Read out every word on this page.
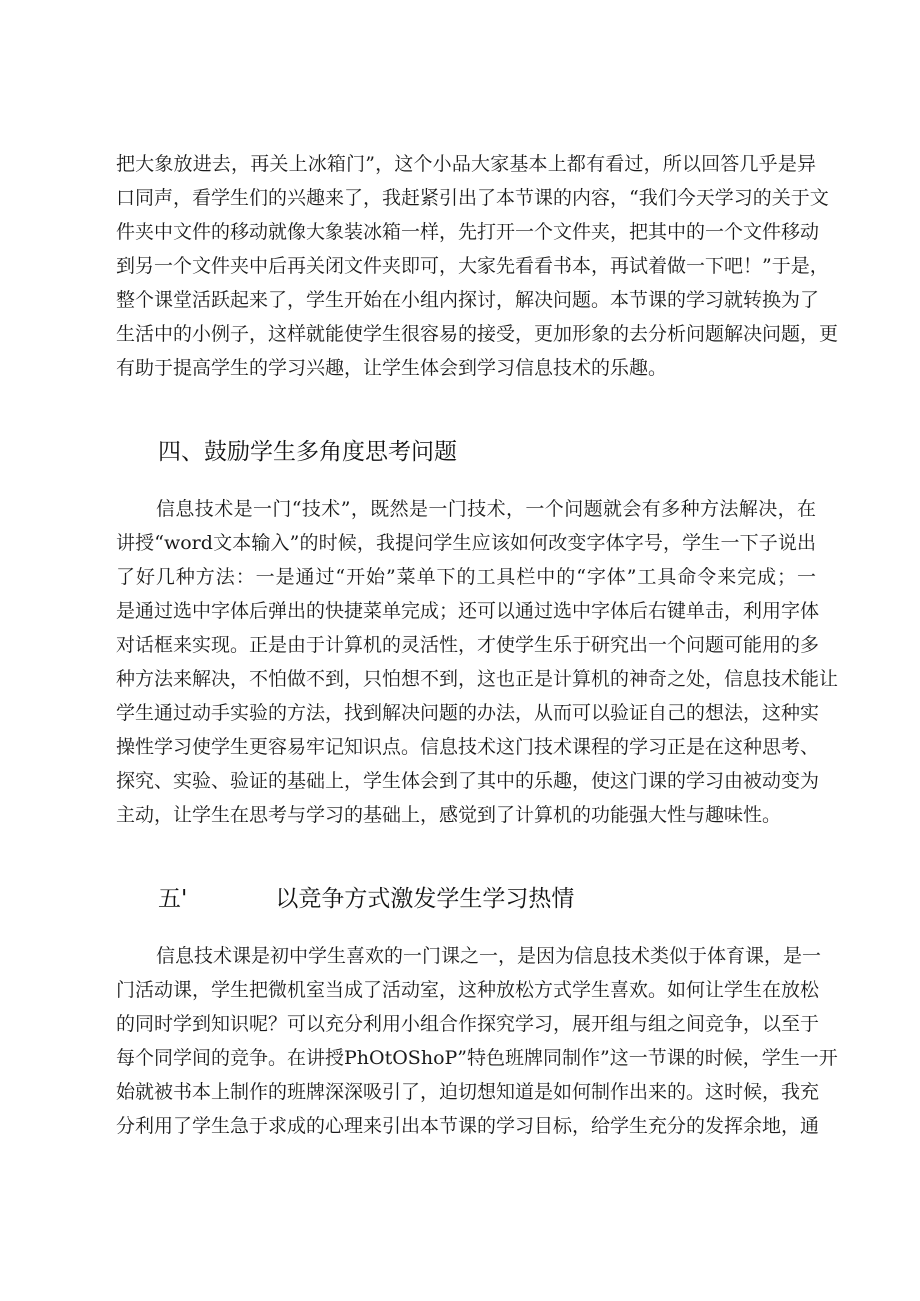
把大象放进去，再关上冰箱门”，这个小品大家基本上都有看过，所以回答几乎是异
口同声，看学生们的兴趣来了，我赶紧引出了本节课的内容，“我们今天学习的关于文
件夹中文件的移动就像大象装冰箱一样，先打开一个文件夹，把其中的一个文件移动
到另一个文件夹中后再关闭文件夹即可，大家先看看书本，再试着做一下吧！”于是，
整个课堂活跃起来了，学生开始在小组内探讨，解决问题。本节课的学习就转换为了
生活中的小例子，这样就能使学生很容易的接受，更加形象的去分析问题解决问题，更
有助于提高学生的学习兴趣，让学生体会到学习信息技术的乐趣。
四、鼓励学生多角度思考问题
信息技术是一门“技术”，既然是一门技术，一个问题就会有多种方法解决，在
讲授“word文本输入”的时候，我提问学生应该如何改变字体字号，学生一下子说出
了好几种方法：一是通过“开始”菜单下的工具栏中的“字体”工具命令来完成；一
是通过选中字体后弹出的快捷菜单完成；还可以通过选中字体后右键单击，利用字体
对话框来实现。正是由于计算机的灵活性，才使学生乐于研究出一个问题可能用的多
种方法来解决，不怕做不到，只怕想不到，这也正是计算机的神奇之处，信息技术能让
学生通过动手实验的方法，找到解决问题的办法，从而可以验证自己的想法，这种实
操性学习使学生更容易牢记知识点。信息技术这门技术课程的学习正是在这种思考、
探究、实验、验证的基础上，学生体会到了其中的乐趣，使这门课的学习由被动变为
主动，让学生在思考与学习的基础上，感觉到了计算机的功能强大性与趣味性。
五'	以竞争方式激发学生学习热情
信息技术课是初中学生喜欢的一门课之一，是因为信息技术类似于体育课，是一
门活动课，学生把微机室当成了活动室，这种放松方式学生喜欢。如何让学生在放松
的同时学到知识呢？可以充分利用小组合作探究学习，展开组与组之间竞争，以至于
每个同学间的竞争。在讲授PhOtOShoP”特色班牌同制作”这一节课的时候，学生一开
始就被书本上制作的班牌深深吸引了，迫切想知道是如何制作出来的。这时候，我充
分利用了学生急于求成的心理来引出本节课的学习目标，给学生充分的发挥余地，通
